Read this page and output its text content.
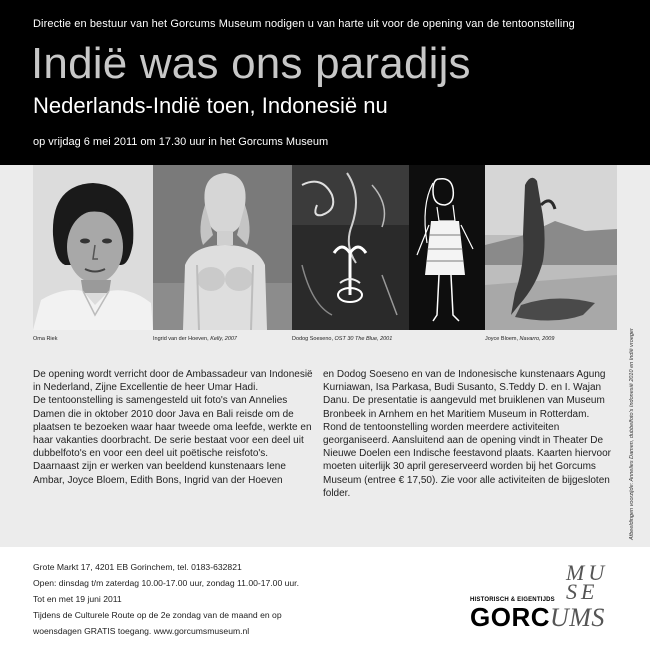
Directie en bestuur van het Gorcums Museum nodigen u van harte uit voor de opening van de tentoonstelling
Indië was ons paradijs
Nederlands-Indië toen, Indonesië nu
op vrijdag 6 mei 2011 om 17.30 uur in het Gorcums Museum
Oma Riek	Ingrid van der Hoeven, Kelly, 2007	Dodog Soeseno, OST 30 The Blue, 2001	Joyce Bloem, Navarro, 2009	Afbeeldingen voorzijde: Annelies Damen, dubbelfoto's Indonesië 2010 en Indië vroeger

De opening wordt verricht door de Ambassadeur van Indonesië in Nederland, Zijne Excellentie de heer Umar Hadi.

De tentoonstelling is samengesteld uit foto's van Annelies Damen die in oktober 2010 door Java en Bali reisde om de plaatsen te bezoeken waar haar tweede oma leefde, werkte en haar vakanties doorbracht. De serie bestaat voor een deel uit dubbelfoto's en voor een deel uit poëtische reisfoto's.

Daarnaast zijn er werken van beeldend kunstenaars Iene Ambar, Joyce Bloem, Edith Bons, Ingrid van der Hoeven

en Dodog Soeseno en van de Indonesische kunstenaars Agung Kurniawan, Isa Parkasa, Budi Susanto, S.Teddy D. en I. Wajan Danu. De presentatie is aangevuld met bruiklenen van Museum Bronbeek in Arnhem en het Maritiem Museum in Rotterdam.

Rond de tentoonstelling worden meerdere activiteiten georganiseerd. Aansluitend aan de opening vindt in Theater De Nieuwe Doelen een Indische feestavond plaats. Kaarten hiervoor moeten uiterlijk 30 april gereserveerd worden bij het Gorcums Museum (entree € 17,50). Zie voor alle activiteiten de bijgesloten folder.

Grote Markt 17, 4201 EB Gorinchem, tel. 0183-632821
Open: dinsdag t/m zaterdag 10.00-17.00 uur, zondag 11.00-17.00 uur.
Tot en met 19 juni 2011
Tijdens de Culturele Route op de 2e zondag van de maand en op
woensdagen GRATIS toegang. www.gorcumsmuseum.nl
MU
SE
HISTORISCH & EIGENTIJDS
GORCUMS
